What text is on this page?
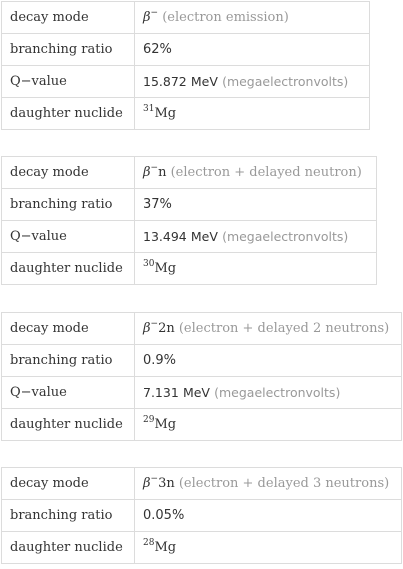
decay mode	β− (electron emission)
branching ratio	62%
Q−value	15.872 MeV (megaelectronvolts)
daughter nuclide	$^{31}$Mg
decay mode	β−n (electron + delayed neutron)
branching ratio	37%
Q−value	13.494 MeV (megaelectronvolts)
daughter nuclide	$^{30}$Mg
decay mode	β−2n (electron + delayed 2 neutrons)
branching ratio	0.9%
Q−value	7.131 MeV (megaelectronvolts)
daughter nuclide	$^{29}$Mg
decay mode	β−3n (electron + delayed 3 neutrons)
branching ratio	0.05%
daughter nuclide	$^{28}$Mg
